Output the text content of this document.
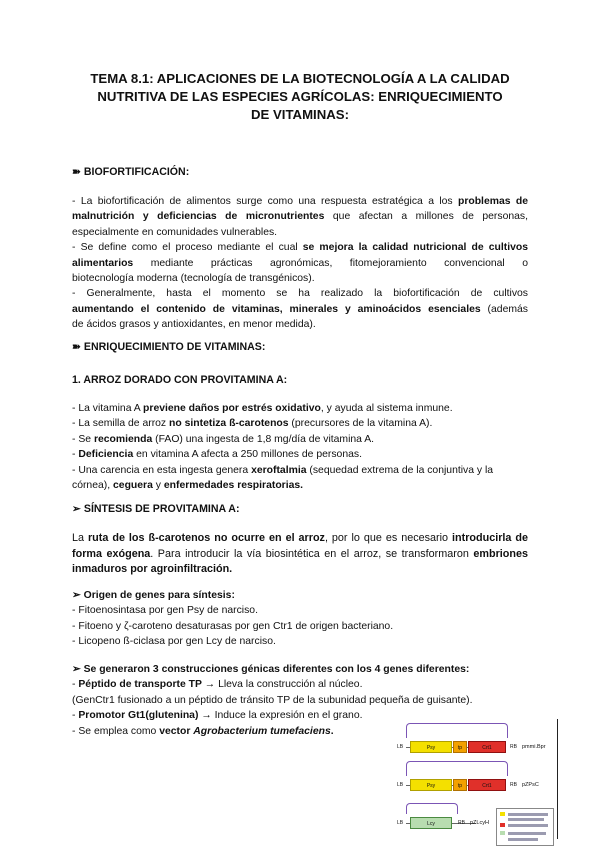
TEMA 8.1: APLICACIONES DE LA BIOTECNOLOGÍA A LA CALIDAD
NUTRITIVA DE LAS ESPECIES AGRÍCOLAS: ENRIQUECIMIENTO
DE VITAMINAS:
➽ BIOFORTIFICACIÓN:

- La biofortificación de alimentos surge como una respuesta estratégica a los problemas de

malnutrición y deficiencias de micronutrientes que afectan a millones de personas,

especialmente en comunidades vulnerables.

- Se define como el proceso mediante el cual se mejora la calidad nutricional de cultivos

alimentarios mediante prácticas agronómicas, fitomejoramiento convencional o

biotecnología moderna (tecnología de transgénicos).

- Generalmente, hasta el momento se ha realizado la biofortificación de cultivos

aumentando el contenido de vitaminas, minerales y aminoácidos esenciales (además

de ácidos grasos y antioxidantes, en menor medida).

➽ ENRIQUECIMIENTO DE VITAMINAS:
1. ARROZ DORADO CON PROVITAMINA A:

- La vitamina A previene daños por estrés oxidativo, y ayuda al sistema inmune.

- La semilla de arroz no sintetiza ß-carotenos (precursores de la vitamina A).

- Se recomienda (FAO) una ingesta de 1,8 mg/día de vitamina A.

- Deficiencia en vitamina A afecta a 250 millones de personas.

- Una carencia en esta ingesta genera xeroftalmia (sequedad extrema de la conjuntiva y la

córnea), ceguera y enfermedades respiratorias.

➢ SÍNTESIS DE PROVITAMINA A:

La ruta de los ß-carotenos no ocurre en el arroz, por lo que es necesario introducirla de

forma exógena. Para introducir la vía biosintética en el arroz, se transformaron embriones

inmaduros por agroinfiltración.

➢ Origen de genes para síntesis:

- Fitoenosintasa por gen Psy de narciso.

- Fitoeno y ζ-caroteno desaturasas por gen Ctr1 de origen bacteriano.

- Licopeno ß-ciclasa por gen Lcy de narciso.

➢ Se generaron 3 construcciones génicas diferentes con los 4 genes diferentes:

- Péptido de transporte TP → Lleva la construcción al núcleo.

(GenCtr1 fusionado a un péptido de tránsito TP de la subunidad pequeña de guisante).

- Promotor Gt1(glutenina) → Induce la expresión en el grano.

- Se emplea como vector Agrobacterium tumefaciens.

LB	Psy	tp	Crt1	RB pmmi.Bpr
LB	Psy	tp	Crt1	RB pZPsC
LB	Lcy	RB pZLcyH
